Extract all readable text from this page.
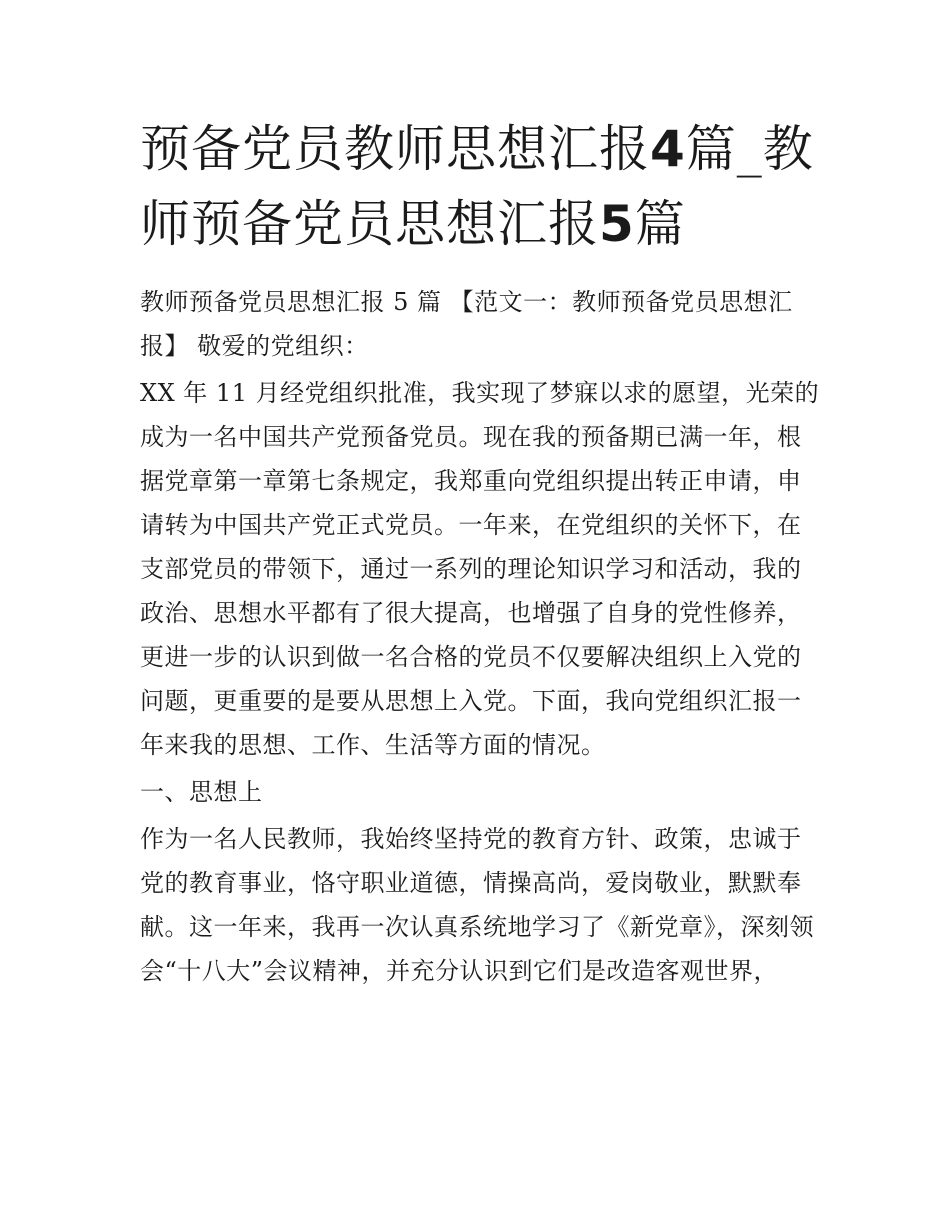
预备党员教师思想汇报4篇_教师预备党员思想汇报5篇

教师预备党员思想汇报 5 篇 【范文一：教师预备党员思想汇报】 敬爱的党组织：

XX 年 11 月经党组织批准，我实现了梦寐以求的愿望，光荣的成为一名中国共产党预备党员。现在我的预备期已满一年，根据党章第一章第七条规定，我郑重向党组织提出转正申请，申请转为中国共产党正式党员。一年来，在党组织的关怀下，在支部党员的带领下，通过一系列的理论知识学习和活动，我的政治、思想水平都有了很大提高，也增强了自身的党性修养，更进一步的认识到做一名合格的党员不仅要解决组织上入党的问题，更重要的是要从思想上入党。下面，我向党组织汇报一年来我的思想、工作、生活等方面的情况。

一、思想上

作为一名人民教师，我始终坚持党的教育方针、政策，忠诚于党的教育事业，恪守职业道德，情操高尚，爱岗敬业，默默奉献。这一年来，我再一次认真系统地学习了《新党章》，深刻领会“十八大”会议精神，并充分认识到它们是改造客观世界，
